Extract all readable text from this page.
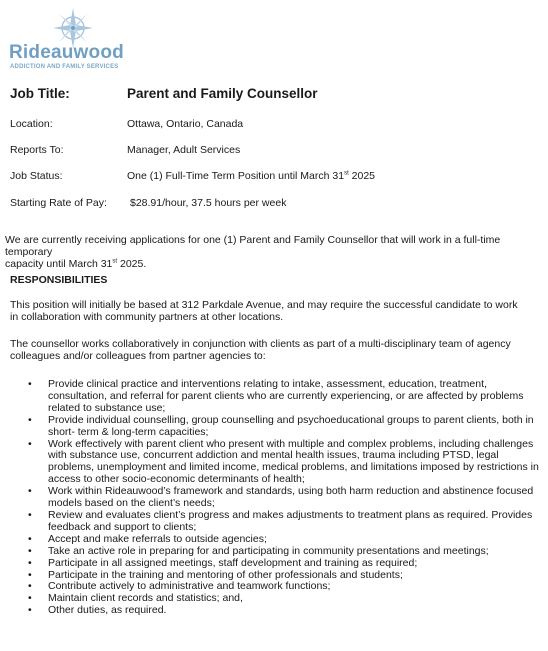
Rideauwood
ADDICTION AND FAMILY SERVICES
Job Title:	Parent and Family Counsellor
Location:	Ottawa, Ontario, Canada
Reports To:	Manager, Adult Services
Job Status:	One (1) Full-Time Term Position until March 31st 2025
Starting Rate of Pay: $28.91/hour, 37.5 hours per week
We are currently receiving applications for one (1) Parent and Family Counsellor that will work in a full-time temporary
capacity until March 31st 2025.
RESPONSIBILITIES
This position will initially be based at 312 Parkdale Avenue, and may require the successful candidate to work
in collaboration with community partners at other locations.
The counsellor works collaboratively in conjunction with clients as part of a multi-disciplinary team of agency
colleagues and/or colleagues from partner agencies to:
• Provide clinical practice and interventions relating to intake, assessment, education, treatment, consultation, and referral for parent clients who are currently experiencing, or are affected by problems related to substance use;
• Provide individual counselling, group counselling and psychoeducational groups to parent clients, both in short- term & long-term capacities;
• Work effectively with parent client who present with multiple and complex problems, including challenges with substance use, concurrent addiction and mental health issues, trauma including PTSD, legal problems, unemployment and limited income, medical problems, and limitations imposed by restrictions in access to other socio-economic determinants of health;
• Work within Rideauwood’s framework and standards, using both harm reduction and abstinence focused models based on the client’s needs;
• Review and evaluates client’s progress and makes adjustments to treatment plans as required. Provides feedback and support to clients;
• Accept and make referrals to outside agencies;
• Take an active role in preparing for and participating in community presentations and meetings;
• Participate in all assigned meetings, staff development and training as required;
• Participate in the training and mentoring of other professionals and students;
• Contribute actively to administrative and teamwork functions;
• Maintain client records and statistics; and,
• Other duties, as required.
